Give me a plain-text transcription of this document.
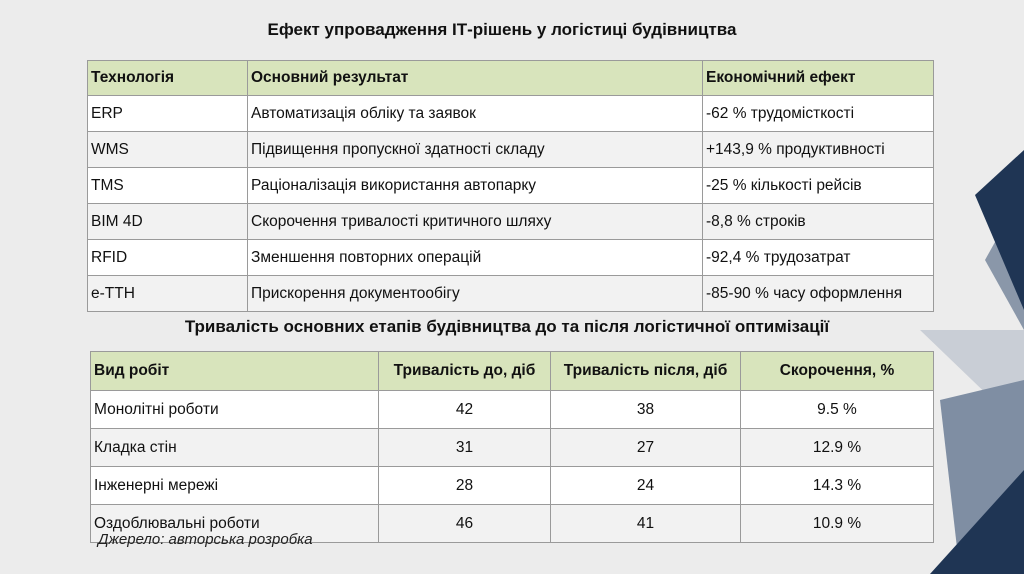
Ефект упровадження ІТ-рішень у логістиці будівництва
Технологія	Основний результат	Економічний ефект
ERP	Автоматизація обліку та заявок	-62 % трудомісткості
WMS	Підвищення пропускної здатності складу	+143,9 % продуктивності
TMS	Раціоналізація використання автопарку	-25 % кількості рейсів
BIM 4D	Скорочення тривалості критичного шляху	-8,8 % строків
RFID	Зменшення повторних операцій	-92,4 % трудозатрат
e-TTH	Прискорення документообігу	-85-90 % часу оформлення
Тривалість основних етапів будівництва до та після логістичної оптимізації
Вид робіт	Тривалість до, діб	Тривалість після, діб	Скорочення, %
Монолітні роботи	42	38	9.5 %
Кладка стін	31	27	12.9 %
Інженерні мережі	28	24	14.3 %
Оздоблювальні роботи	46	41	10.9 %
Джерело: авторська розробка
